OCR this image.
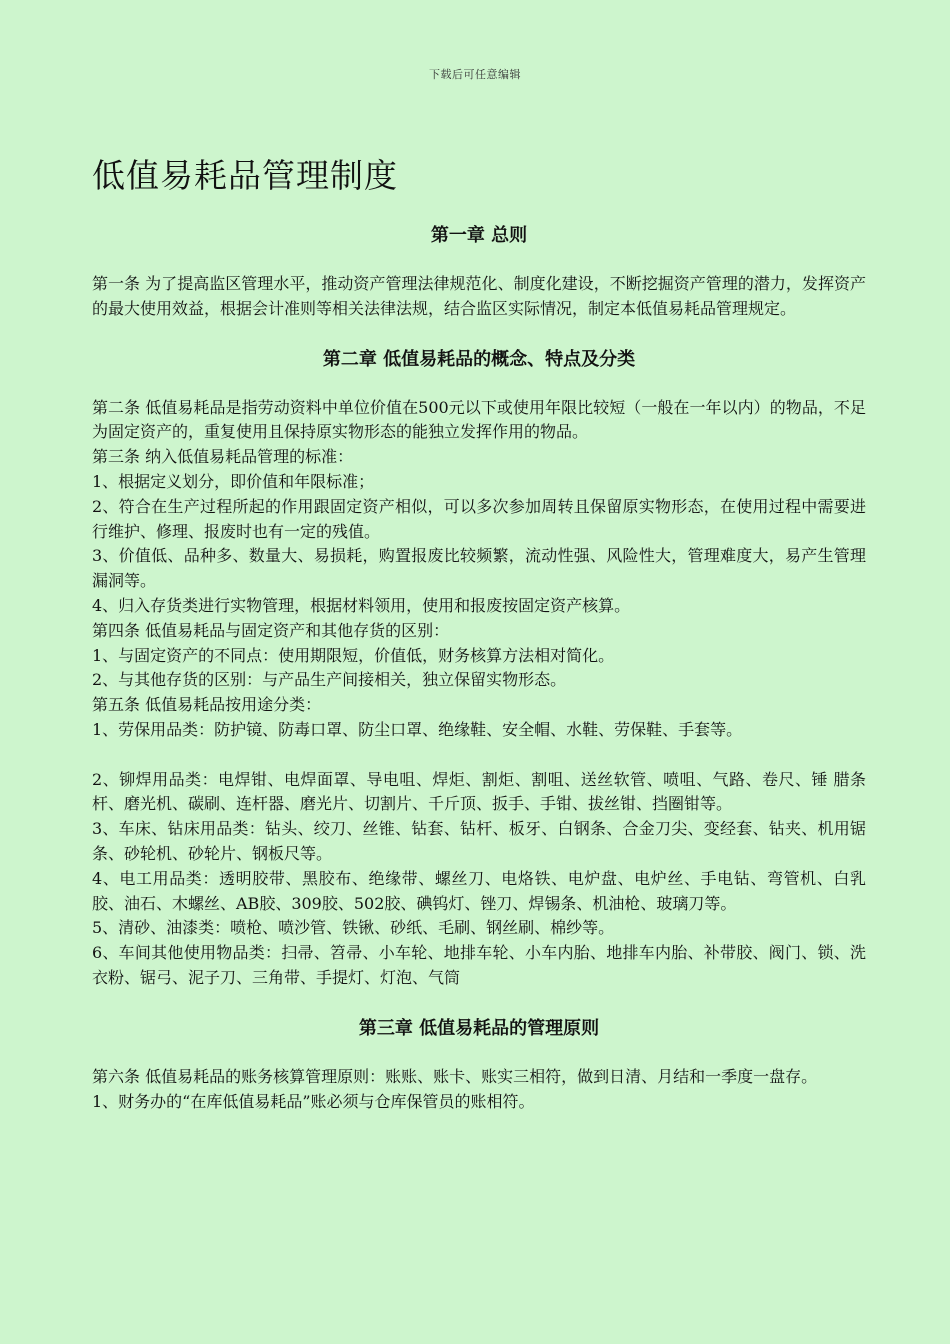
下载后可任意编辑
低值易耗品管理制度
第一章 总则

第一条 为了提高监区管理水平，推动资产管理法律规范化、制度化建设，不断挖掘资产管理的潜力，发挥资产的最大使用效益，根据会计准则等相关法律法规，结合监区实际情况，制定本低值易耗品管理规定。

第二章 低值易耗品的概念、特点及分类

第二条 低值易耗品是指劳动资料中单位价值在500元以下或使用年限比较短（一般在一年以内）的物品，不足为固定资产的，重复使用且保持原实物形态的能独立发挥作用的物品。

第三条 纳入低值易耗品管理的标准：

1、根据定义划分，即价值和年限标准；

2、符合在生产过程所起的作用跟固定资产相似，可以多次参加周转且保留原实物形态，在使用过程中需要进行维护、修理、报废时也有一定的残值。

3、价值低、品种多、数量大、易损耗，购置报废比较频繁，流动性强、风险性大，管理难度大，易产生管理漏洞等。

4、归入存货类进行实物管理，根据材料领用，使用和报废按固定资产核算。

第四条 低值易耗品与固定资产和其他存货的区别：

1、与固定资产的不同点：使用期限短，价值低，财务核算方法相对简化。

2、与其他存货的区别：与产品生产间接相关，独立保留实物形态。

第五条 低值易耗品按用途分类：

1、劳保用品类：防护镜、防毒口罩、防尘口罩、绝缘鞋、安全帽、水鞋、劳保鞋、手套等。

2、铆焊用品类：电焊钳、电焊面罩、导电咀、焊炬、割炬、割咀、送丝软管、喷咀、气路、卷尺、锤 腊条杆、磨光机、碳刷、连杆器、磨光片、切割片、千斤顶、扳手、手钳、拔丝钳、挡圈钳等。

3、车床、钻床用品类：钻头、绞刀、丝锥、钻套、钻杆、板牙、白钢条、合金刀尖、变经套、钻夹、机用锯条、砂轮机、砂轮片、钢板尺等。

4、电工用品类：透明胶带、黑胶布、绝缘带、螺丝刀、电烙铁、电炉盘、电炉丝、手电钻、弯管机、白乳胶、油石、木螺丝、AB胶、309胶、502胶、碘钨灯、锉刀、焊锡条、机油枪、玻璃刀等。

5、清砂、油漆类：喷枪、喷沙管、铁锹、砂纸、毛刷、钢丝刷、棉纱等。

6、车间其他使用物品类：扫帚、笤帚、小车轮、地排车轮、小车内胎、地排车内胎、补带胶、阀门、锁、洗衣粉、锯弓、泥子刀、三角带、手提灯、灯泡、气筒

第三章 低值易耗品的管理原则

第六条 低值易耗品的账务核算管理原则：账账、账卡、账实三相符，做到日清、月结和一季度一盘存。

1、财务办的“在库低值易耗品”账必须与仓库保管员的账相符。
